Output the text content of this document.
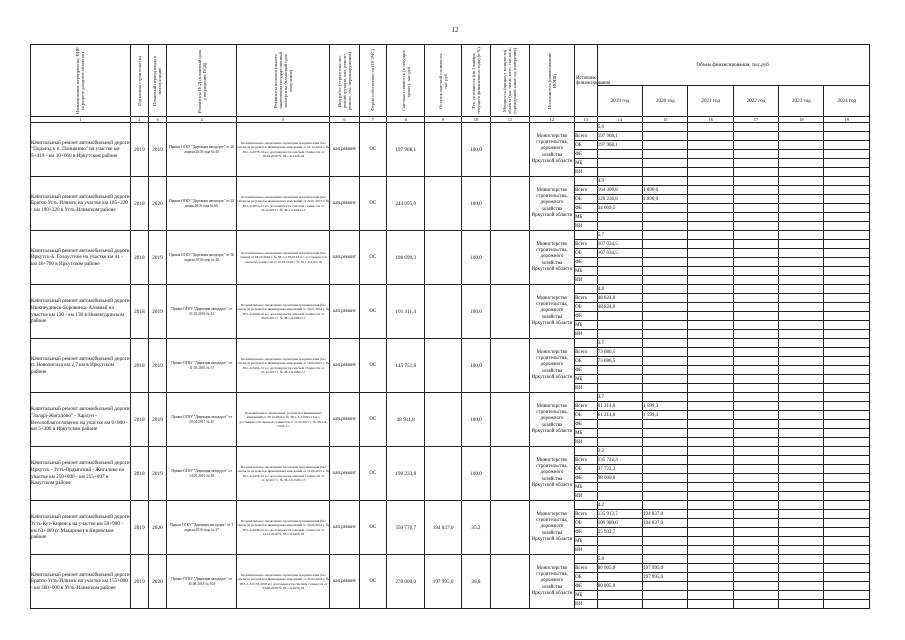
12
Наименование мероприятия, ПИР (в разрезе разделов объектов)	Год начала строительства	Плановый период ввода в эксплуатацию	Реквизиты ПСД (плановый срок утверждения ПСД)	Реквизиты положительного заключения государственной экспертизы (плановый срок получения)	Вид работ (строительство, реконструкция, кап. ремонт, ремонт, тех. перевооружение)	Форма собственности (ОС/МС)	Сметная стоимость (в текущих ценах), тыс.руб.	Остаток сметной стоимости, тыс.руб.	Тех. готовность (на 1 января текущего финансового года) (в %)	Мощность (прирост мощности) объекта (км, пог.м, мест, тыс.кв.м, учреждений, иные ед. измерения)	Исполнитель (наименование ИОГВ)	Источник финансирования	Объем финансирования, тыс.руб.					
													2019 год	2020 год	2021 год	2022 год	2023 год	2024 год
1	2	3	4	5	6	7	8	9	10	11	12	13	14	15	16	17	18	19
Капитальный ремонт автомобильной дороги "Подъезд к п. Плишкино" на участке км 5+419 - км 10+660 в Иркутском районе	2019	2019	Приказ ОГКУ "Дирекция автодорог" от 26 апреля 2018 года № 45	Положительное заключение: проектная документация (без сметы) и результаты инженерных изысканий от 21.12.2016 г. № 38-1-4-0378-16 и о достоверности сметной стоимости от 16.04.2018 № 38-1-6-0126-18	кап.ремонт	ОС	197 968,1		100,0		Министерство строительства, дорожного хозяйства Иркутской области		5.6					
												Всего	197 968,1					
												ОБ	197 968,1					
												ФБ						
												МБ						
												ИИ						
Капитальный ремонт автомобильной дороги Братск-Усть-Илимск на участке км 185+220 - км 190+220 в Усть-Илимском районе	2018	2020	Приказ ОГКУ "Дирекция автодорог" от 24 июня 2016 года № 66	Положительное заключение: проектная документация (без сметы) и результаты инженерных изысканий от 22.01.2015 г. № 38-1-4-0014-15 и о достоверности сметной стоимости от 30.12.2015 г. № 38-1-6-0045-15	кап.ремонт	ОС	244 095,0		100,0		Министерство строительства, дорожного хозяйства Иркутской области		4.9					
												Всего	164 306,8	1 890,0				
												ОБ	129 236,8	1 890,0				
												ФБ	34 069,5					
												МБ						
												ИИ						
Капитальный ремонт автомобильной дороги Иркутск-Б. Голоустное на участке км 41 - км 46+700 в Иркутском районе	2018	2019	Приказ ОГКУ "Дирекция автодорог" от 30 апреля 2018 года № 48	Положительное заключение: проектная документация (без сметы) от 18.10.2016 г. № 38-1-4-0323-16 и о достоверности сметной стоимости от 10.04.2018 г. № 38-1-6-0110-18	кап.ремонт	ОС	108 699,3		100,0		Министерство строительства, дорожного хозяйства Иркутской области		5.7					
												Всего	107 034,5					
												ОБ	107 034,5					
												ФБ						
												МБ						
												ИИ						
Капитальный ремонт автомобильной дороги Нижнеудинск-Боровинск-Алзамай на участке км 130 - км 138 в Нижнеудинском районе	2018	2019	Приказ ОГКУ "Дирекция автодорог" от 31.03.2016 № 42	Положительное заключение: проектная документация (без сметы) и результаты инженерных изысканий от 29.01.2016 г. № 38-1-4-0396-16 и о достоверности сметной стоимости от 30.05.2017 г. № 38-1-6-0095-17	кап.ремонт	ОС	101 311,4		100,0		Министерство строительства, дорожного хозяйства Иркутской области		4.8					
												Всего	48 824,0					
												ОБ	48 824,0					
												ФБ						
												МБ						
												ИИ						
Капитальный ремонт автомобильной дороги п. Новолисиха км 2,7 км в Иркутском районе	2018	2019	Приказ ОГКУ "Дирекция автодорог" от 11.05.2016 № 57	Положительное заключение: проектная документация (без сметы) и результаты инженерных изысканий от 19.05.2015 г. № 38-1-4-0454-15 и о достоверности сметной стоимости от 21.12.2017 г. № 38-1-6-0290-17	кап.ремонт	ОС	145 751,8		100,0		Министерство строительства, дорожного хозяйства Иркутской области		3.7					
												Всего	73 086,5					
												ОБ	73 086,5					
												ФБ						
												МБ						
												ИИ						
Капитальный ремонт автомобильной дороги "Заларі-Жигалово" - Харлун - Веселоблагословенск на участке км 0+000 - км 5+300 в Иркутском районе	2018	2019	Приказ ОГКУ "Дирекция автодорог" от 20.04.2017 № 45	Положительное заключение: результаты инженерных изысканий от 20.12.2016 г. № 38-1-1-1-0295-16 и о достоверности сметной стоимости от 11.05.2017 г. № 38-1-6-0105-17	кап.ремонт	ОС	38 911,8		100,0		Министерство строительства, дорожного хозяйства Иркутской области		3.7					
												Всего	61 214,0	1 599,3				
												ОБ	61 214,0	1 599,3				
												ФБ						
												МБ						
												ИИ						
Капитальный ремонт автомобильной дороги Иркутск - Усть-Ордынский - Жигалово на участке км 250+000 - км 255+097 в Качугском районе	2018	2019	Приказ ОГКУ "Дирекция автодорог" от 14.05.2016 № 48	Положительное заключение: проектная документация (без сметы) и результаты инженерных изысканий от 19.09.2015 г. № 38-1-4-0450-15 и о достоверности сметной стоимости от 12.12.2017 г. № 38-1-6-0250-17	кап.ремонт	ОС	198 233,8		100,0		Министерство строительства, дорожного хозяйства Иркутской области		3.2					
												Всего	135 722,3					
												ОБ	37 722,3					
												ФБ	98 000,0					
												МБ						
												ИИ						
Капитальный ремонт автомобильной дороги Усть-Кут-Киренск на участке км 58+900 - км 63+489 (с.Макарово) в Киренском районе	2019	2020	Приказ ОГКУ "Дирекция автодорог" от 1 апреля 2016 года № 37	Положительное заключение: проектная документация (без сметы) и результаты инженерных изысканий от 20.06.2015 г. № 38-1-4-0436-15 и о достоверности сметной стоимости от 14.12.2018 № 38-1-6-0209-18	кап.ремонт	ОС	350 770,7	194 837,0	35,2		Министерство строительства, дорожного хозяйства Иркутской области		4.2					
												Всего	135 913,7	194 837,0				
												ОБ	109 980,0	194 837,0				
												ФБ	25 933,7					
												МБ						
												ИИ						
Капитальный ремонт автомобильной дороги Братск-Усть-Илимск на участке км 155+000 - км 360+000 в Усть-Илимском районе	2019	2020	Приказ ОГКУ "Дирекция автодорог" от 15.08.2018 № 102	Положительное заключение: проектная документация (без сметы) и результаты инженерных изысканий от 23.05.2018 г. № 38-1-1-3-0133-2018 и о достоверности сметной стоимости от 03.08.2018 № 38-1-6-0256-18	кап.ремонт	ОС	278 000,0	197 995,0	28,8		Министерство строительства, дорожного хозяйства Иркутской области		5.8					
												Всего	80 005,0	197 995,0				
												ОБ		197 995,0				
												ФБ	80 005,0					
												МБ						
												ИИ						
